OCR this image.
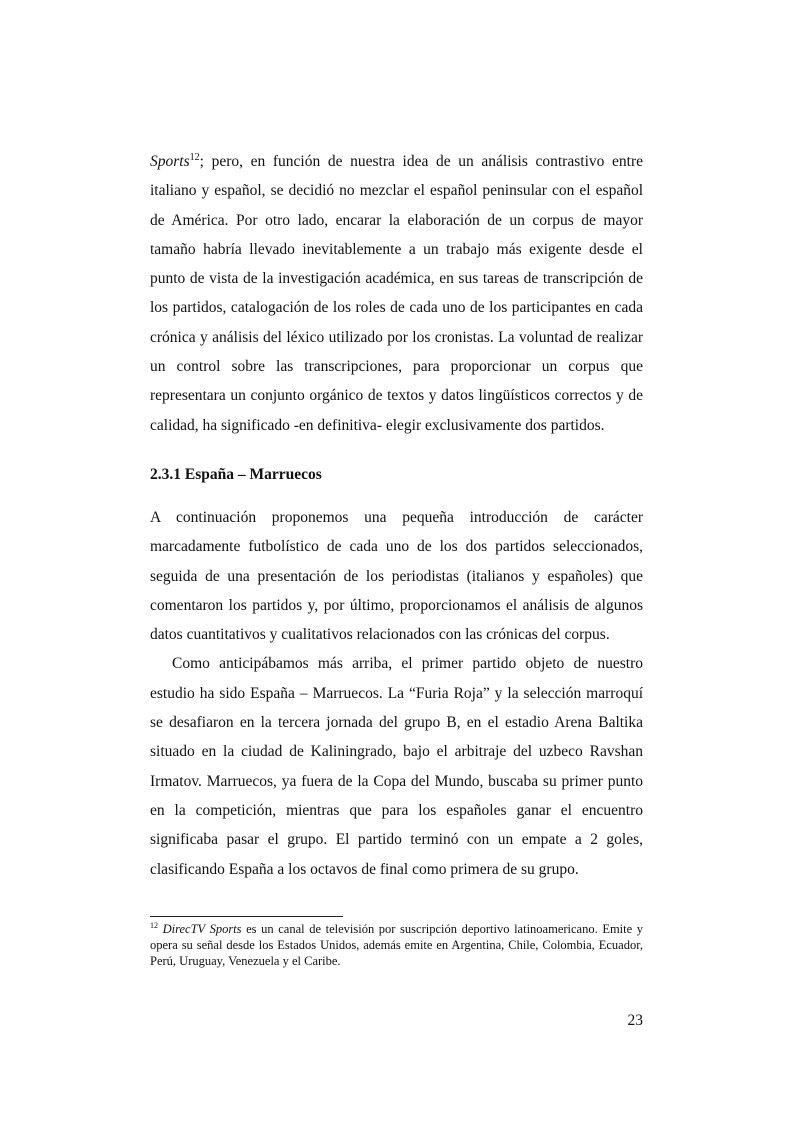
Sports$^{12}$; pero, en función de nuestra idea de un análisis contrastivo entre italiano y español, se decidió no mezclar el español peninsular con el español de América. Por otro lado, encarar la elaboración de un corpus de mayor tamaño habría llevado inevitablemente a un trabajo más exigente desde el punto de vista de la investigación académica, en sus tareas de transcripción de los partidos, catalogación de los roles de cada uno de los participantes en cada crónica y análisis del léxico utilizado por los cronistas. La voluntad de realizar un control sobre las transcripciones, para proporcionar un corpus que representara un conjunto orgánico de textos y datos lingüísticos correctos y de calidad, ha significado -en definitiva- elegir exclusivamente dos partidos.

2.3.1 España – Marruecos

A continuación proponemos una pequeña introducción de carácter marcadamente futbolístico de cada uno de los dos partidos seleccionados, seguida de una presentación de los periodistas (italianos y españoles) que comentaron los partidos y, por último, proporcionamos el análisis de algunos datos cuantitativos y cualitativos relacionados con las crónicas del corpus.

Como anticipábamos más arriba, el primer partido objeto de nuestro estudio ha sido España – Marruecos. La “Furia Roja” y la selección marroquí se desafiaron en la tercera jornada del grupo B, en el estadio Arena Baltika situado en la ciudad de Kaliningrado, bajo el arbitraje del uzbeco Ravshan Irmatov. Marruecos, ya fuera de la Copa del Mundo, buscaba su primer punto en la competición, mientras que para los españoles ganar el encuentro significaba pasar el grupo. El partido terminó con un empate a 2 goles, clasificando España a los octavos de final como primera de su grupo.

$^{12}$ DirecTV Sports es un canal de televisión por suscripción deportivo latinoamericano. Emite y opera su señal desde los Estados Unidos, además emite en Argentina, Chile, Colombia, Ecuador, Perú, Uruguay, Venezuela y el Caribe.
23
